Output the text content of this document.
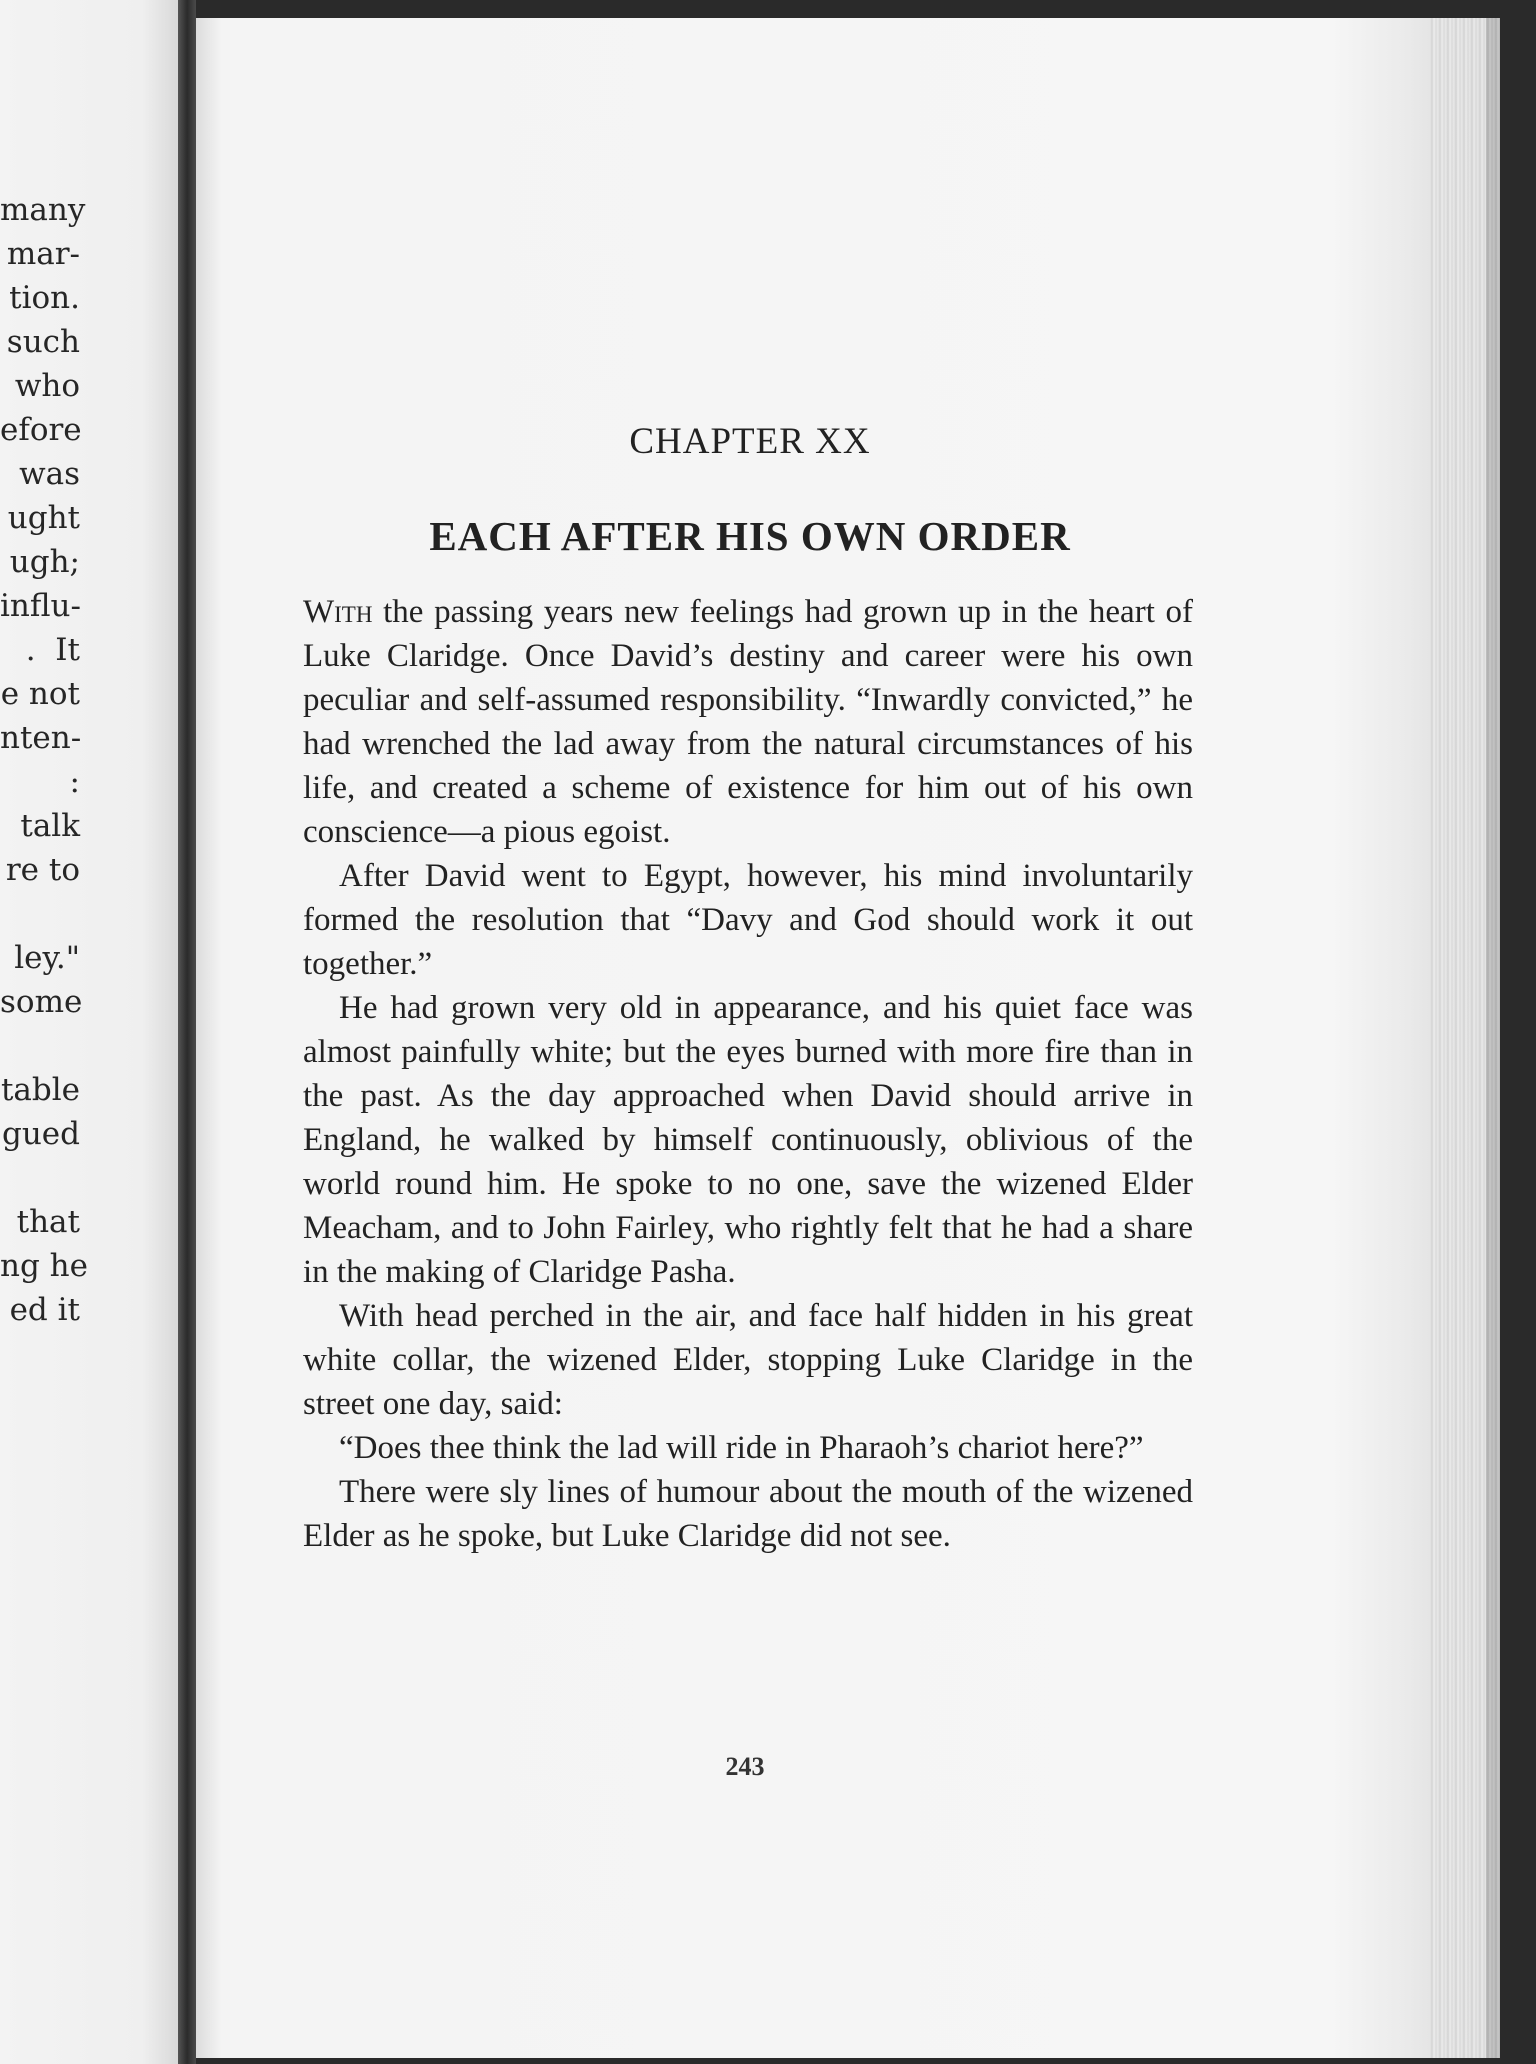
many
mar-
tion.
such
who
efore
was
ught
ugh;
influ-
.  It
e not
nten-
:
talk
re to
ley."
some
table
gued
that
ng he
ed it
CHAPTER XX
EACH AFTER HIS OWN ORDER

With the passing years new feelings had grown up in the heart of Luke Claridge. Once David’s destiny and career were his own peculiar and self-assumed responsibility. “Inwardly convicted,” he had wrenched the lad away from the natural circumstances of his life, and created a scheme of existence for him out of his own conscience—a pious egoist.

After David went to Egypt, however, his mind involuntarily formed the resolution that “Davy and God should work it out together.”

He had grown very old in appearance, and his quiet face was almost painfully white; but the eyes burned with more fire than in the past. As the day approached when David should arrive in England, he walked by himself continuously, oblivious of the world round him. He spoke to no one, save the wizened Elder Meacham, and to John Fairley, who rightly felt that he had a share in the making of Claridge Pasha.

With head perched in the air, and face half hidden in his great white collar, the wizened Elder, stopping Luke Claridge in the street one day, said:

“Does thee think the lad will ride in Pharaoh’s chariot here?”

There were sly lines of humour about the mouth of the wizened Elder as he spoke, but Luke Claridge did not see.

243
